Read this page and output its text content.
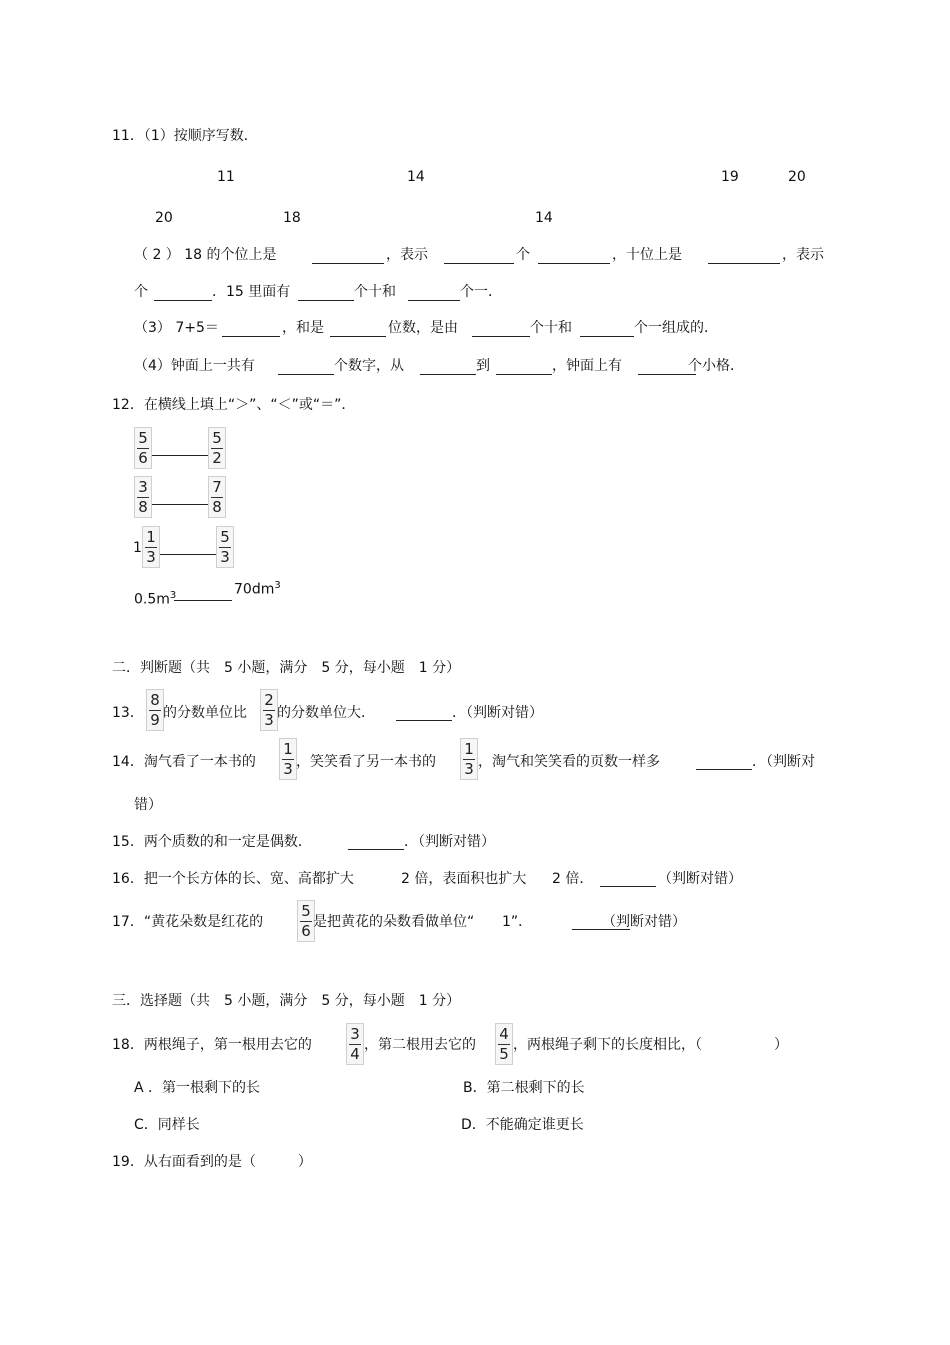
11．（1）按顺序写数．
11	14	19	20
20	18	14
（ 2 ） 18 的个位上是	，表示	个	，十位上是	，表示
个	．15 里面有	个十和	个一．
（3） 7+5＝	，和是	位数，是由	个十和	个一组成的．
（4）钟面上一共有	个数字，从	到	，钟面上有	个小格．
12．在横线上填上“＞”、“＜”或“＝”．
5
6
5
2
3
8
7
8
1
1
3
5
3
$0.5m^3$	$70dm^3$
二．判断题（共　5 小题，满分　5 分，每小题　1 分）
13．
8
9 的分数单位比
2
3 的分数单位大．	．（判断对错）
14．淘气看了一本书的
1
3 ，笑笑看了另一本书的
1
3 ，淘气和笑笑看的页数一样多	．（判断对
错）
15．两个质数的和一定是偶数．	．（判断对错）
16．把一个长方体的长、宽、高都扩大	2 倍，表面积也扩大 2 倍．	（判断对错）
17．“黄花朵数是红花的
5
6 是把黄花的朵数看做单位“ 1”．	（判断对错）
三．选择题（共　5 小题，满分　5 分，每小题　1 分）
18．两根绳子，第一根用去它的
3
4 ，第二根用去它的
4
5 ，两根绳子剩下的长度相比，（	）
A ．第一根剩下的长	B．第二根剩下的长
C．同样长	D．不能确定谁更长
19．从右面看到的是（　　　）
